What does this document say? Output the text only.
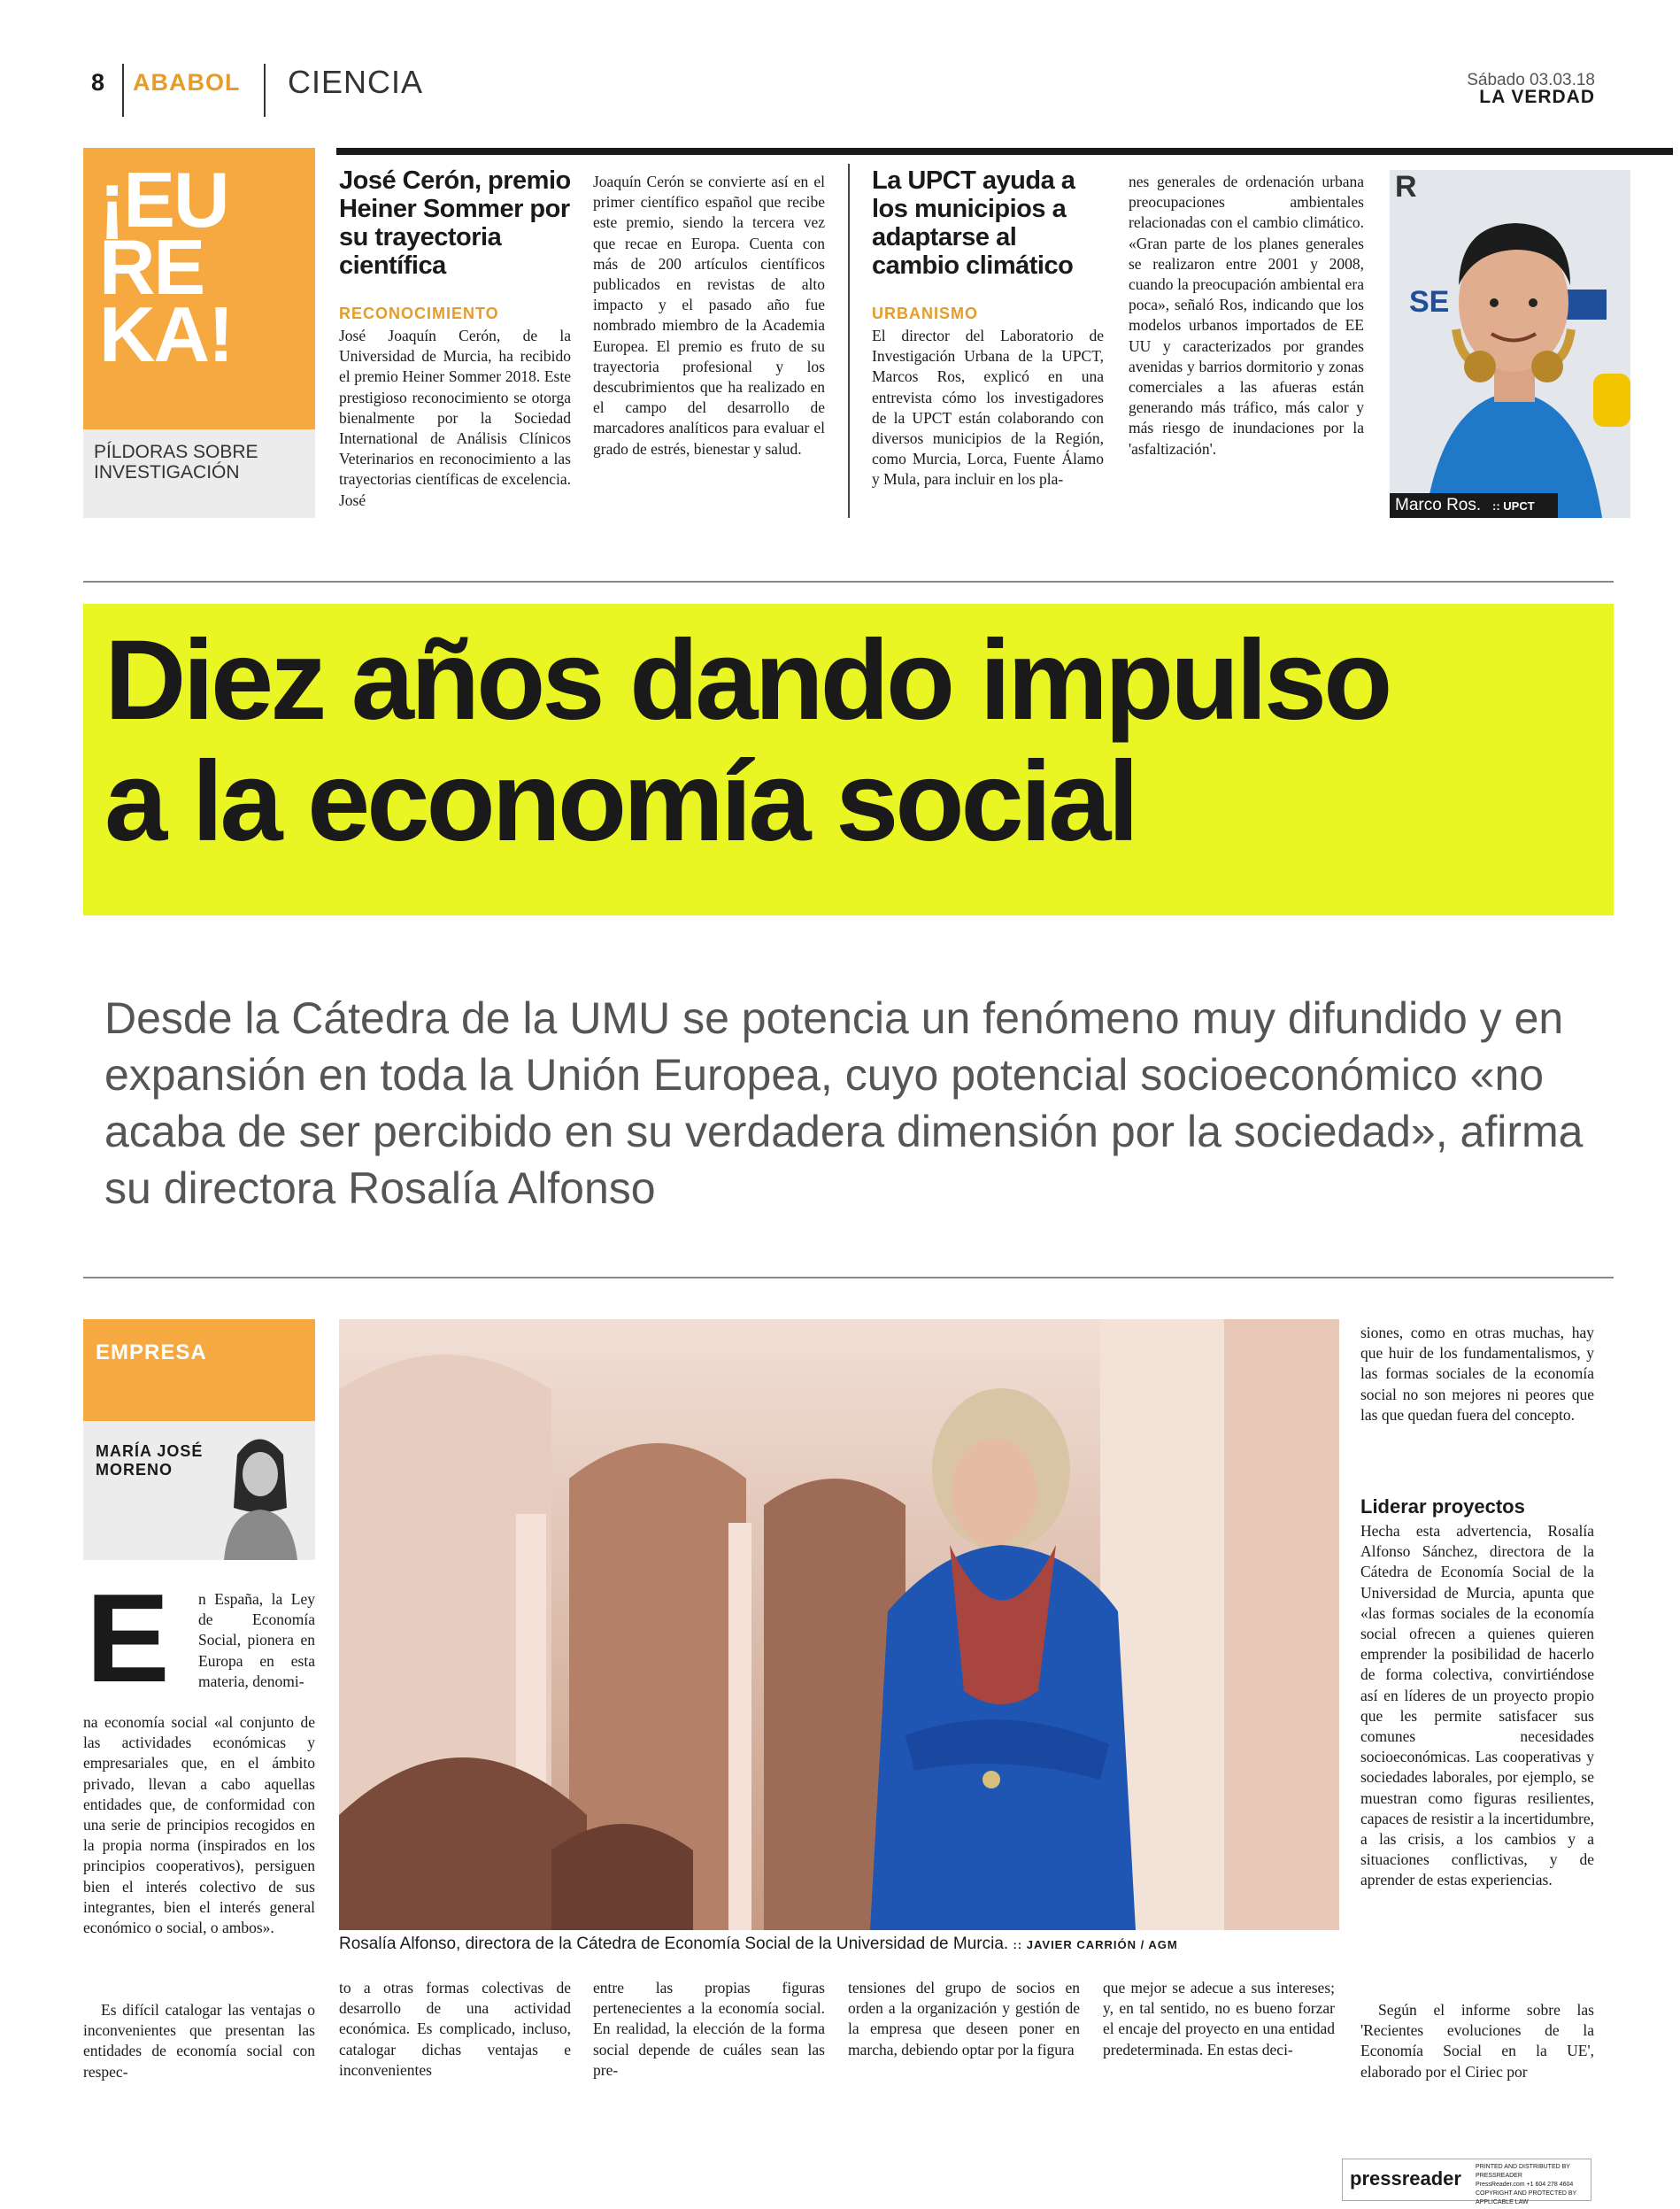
8 ABABOL CIENCIA	Sábado 03.03.18
LA VERDAD
¡EU
RE
KA!
PÍLDORAS SOBRE
INVESTIGACIÓN
José Cerón, premio Heiner Sommer por su trayectoria científica
RECONOCIMIENTO
José Joaquín Cerón, de la Universidad de Murcia, ha recibido el premio Heiner Sommer 2018. Este prestigioso reconocimiento se otorga bienalmente por la Sociedad International de Análisis Clínicos Veterinarios en reconocimiento a las trayectorias científicas de excelencia. José
Joaquín Cerón se convierte así en el primer científico español que recibe este premio, siendo la tercera vez que recae en Europa. Cuenta con más de 200 artículos científicos publicados en revistas de alto impacto y el pasado año fue nombrado miembro de la Academia Europea. El premio es fruto de su trayectoria profesional y los descubrimientos que ha realizado en el campo del desarrollo de marcadores analíticos para evaluar el grado de estrés, bienestar y salud.
La UPCT ayuda a los municipios a adaptarse al cambio climático
URBANISMO
El director del Laboratorio de Investigación Urbana de la UPCT, Marcos Ros, explicó en una entrevista cómo los investigadores de la UPCT están colaborando con diversos municipios de la Región, como Murcia, Lorca, Fuente Álamo y Mula, para incluir en los pla-
nes generales de ordenación urbana preocupaciones ambientales relacionadas con el cambio climático. «Gran parte de los planes generales se realizaron entre 2001 y 2008, cuando la preocupación ambiental era poca», señaló Ros, indicando que los modelos urbanos importados de EE UU y caracterizados por grandes avenidas y barrios dormitorio y zonas comerciales a las afueras están generando más tráfico, más calor y más riesgo de inundaciones por la 'asfaltización'.
R
SE
Marco Ros. :: UPCT
Diez años dando impulso
a la economía social
Desde la Cátedra de la UMU se potencia un fenómeno muy difundido y en expansión en toda la Unión Europea, cuyo potencial socioeconómico «no acaba de ser percibido en su verdadera dimensión por la sociedad», afirma su directora Rosalía Alfonso
EMPRESA
MARÍA JOSÉ
MORENO
E	n España, la Ley de Economía Social, pionera en Europa en esta materia, denomi-
na economía social «al conjunto de las actividades económicas y empresariales que, en el ámbito privado, llevan a cabo aquellas entidades que, de conformidad con una serie de principios recogidos en la propia norma (inspirados en los principios cooperativos), persiguen bien el interés colectivo de sus integrantes, bien el interés general económico o social, o ambos».
Es difícil catalogar las ventajas o inconvenientes que presentan las entidades de economía social con respec-
Rosalía Alfonso, directora de la Cátedra de Economía Social de la Universidad de Murcia. :: JAVIER CARRIÓN / AGM
to a otras formas colectivas de desarrollo de una actividad económica. Es complicado, incluso, catalogar dichas ventajas e inconvenientes
entre las propias figuras pertenecientes a la economía social. En realidad, la elección de la forma social depende de cuáles sean las pre-
tensiones del grupo de socios en orden a la organización y gestión de la empresa que deseen poner en marcha, debiendo optar por la figura
que mejor se adecue a sus intereses; y, en tal sentido, no es bueno forzar el encaje del proyecto en una entidad predeterminada. En estas deci-
siones, como en otras muchas, hay que huir de los fundamentalismos, y las formas sociales de la economía social no son mejores ni peores que las que quedan fuera del concepto.
Liderar proyectos
Hecha esta advertencia, Rosalía Alfonso Sánchez, directora de la Cátedra de Economía Social de la Universidad de Murcia, apunta que «las formas sociales de la economía social ofrecen a quienes quieren emprender la posibilidad de hacerlo de forma colectiva, convirtiéndose así en líderes de un proyecto propio que les permite satisfacer sus comunes necesidades socioeconómicas. Las cooperativas y sociedades laborales, por ejemplo, se muestran como figuras resilientes, capaces de resistir a la incertidumbre, a las crisis, a los cambios y a situaciones conflictivas, y de aprender de estas experiencias.
Según el informe sobre las 'Recientes evoluciones de la Economía Social en la UE', elaborado por el Ciriec por
pressreader
PRINTED AND DISTRIBUTED BY PRESSREADER
PressReader.com +1 604 278 4604
COPYRIGHT AND PROTECTED BY APPLICABLE LAW
